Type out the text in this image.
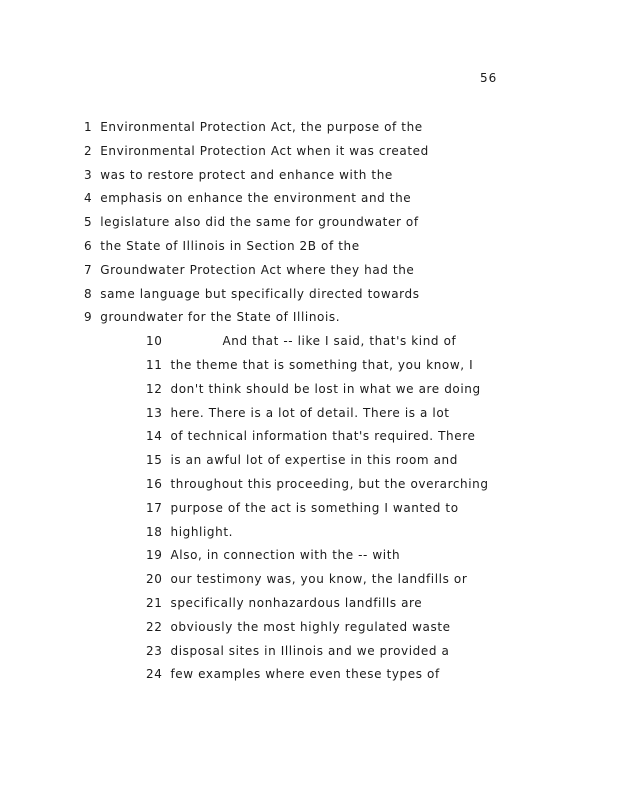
56
1 Environmental Protection Act, the purpose of the
2 Environmental Protection Act when it was created
3 was to restore protect and enhance with the
4 emphasis on enhance the environment and the
5 legislature also did the same for groundwater of
6 the State of Illinois in Section 2B of the
7 Groundwater Protection Act where they had the
8 same language but specifically directed towards
9 groundwater for the State of Illinois.
10	And that -- like I said, that's kind of
11 the theme that is something that, you know, I
12 don't think should be lost in what we are doing
13 here. There is a lot of detail. There is a lot
14 of technical information that's required. There
15 is an awful lot of expertise in this room and
16 throughout this proceeding, but the overarching
17 purpose of the act is something I wanted to
18 highlight.
19 Also, in connection with the -- with
20 our testimony was, you know, the landfills or
21 specifically nonhazardous landfills are
22 obviously the most highly regulated waste
23 disposal sites in Illinois and we provided a
24 few examples where even these types of
